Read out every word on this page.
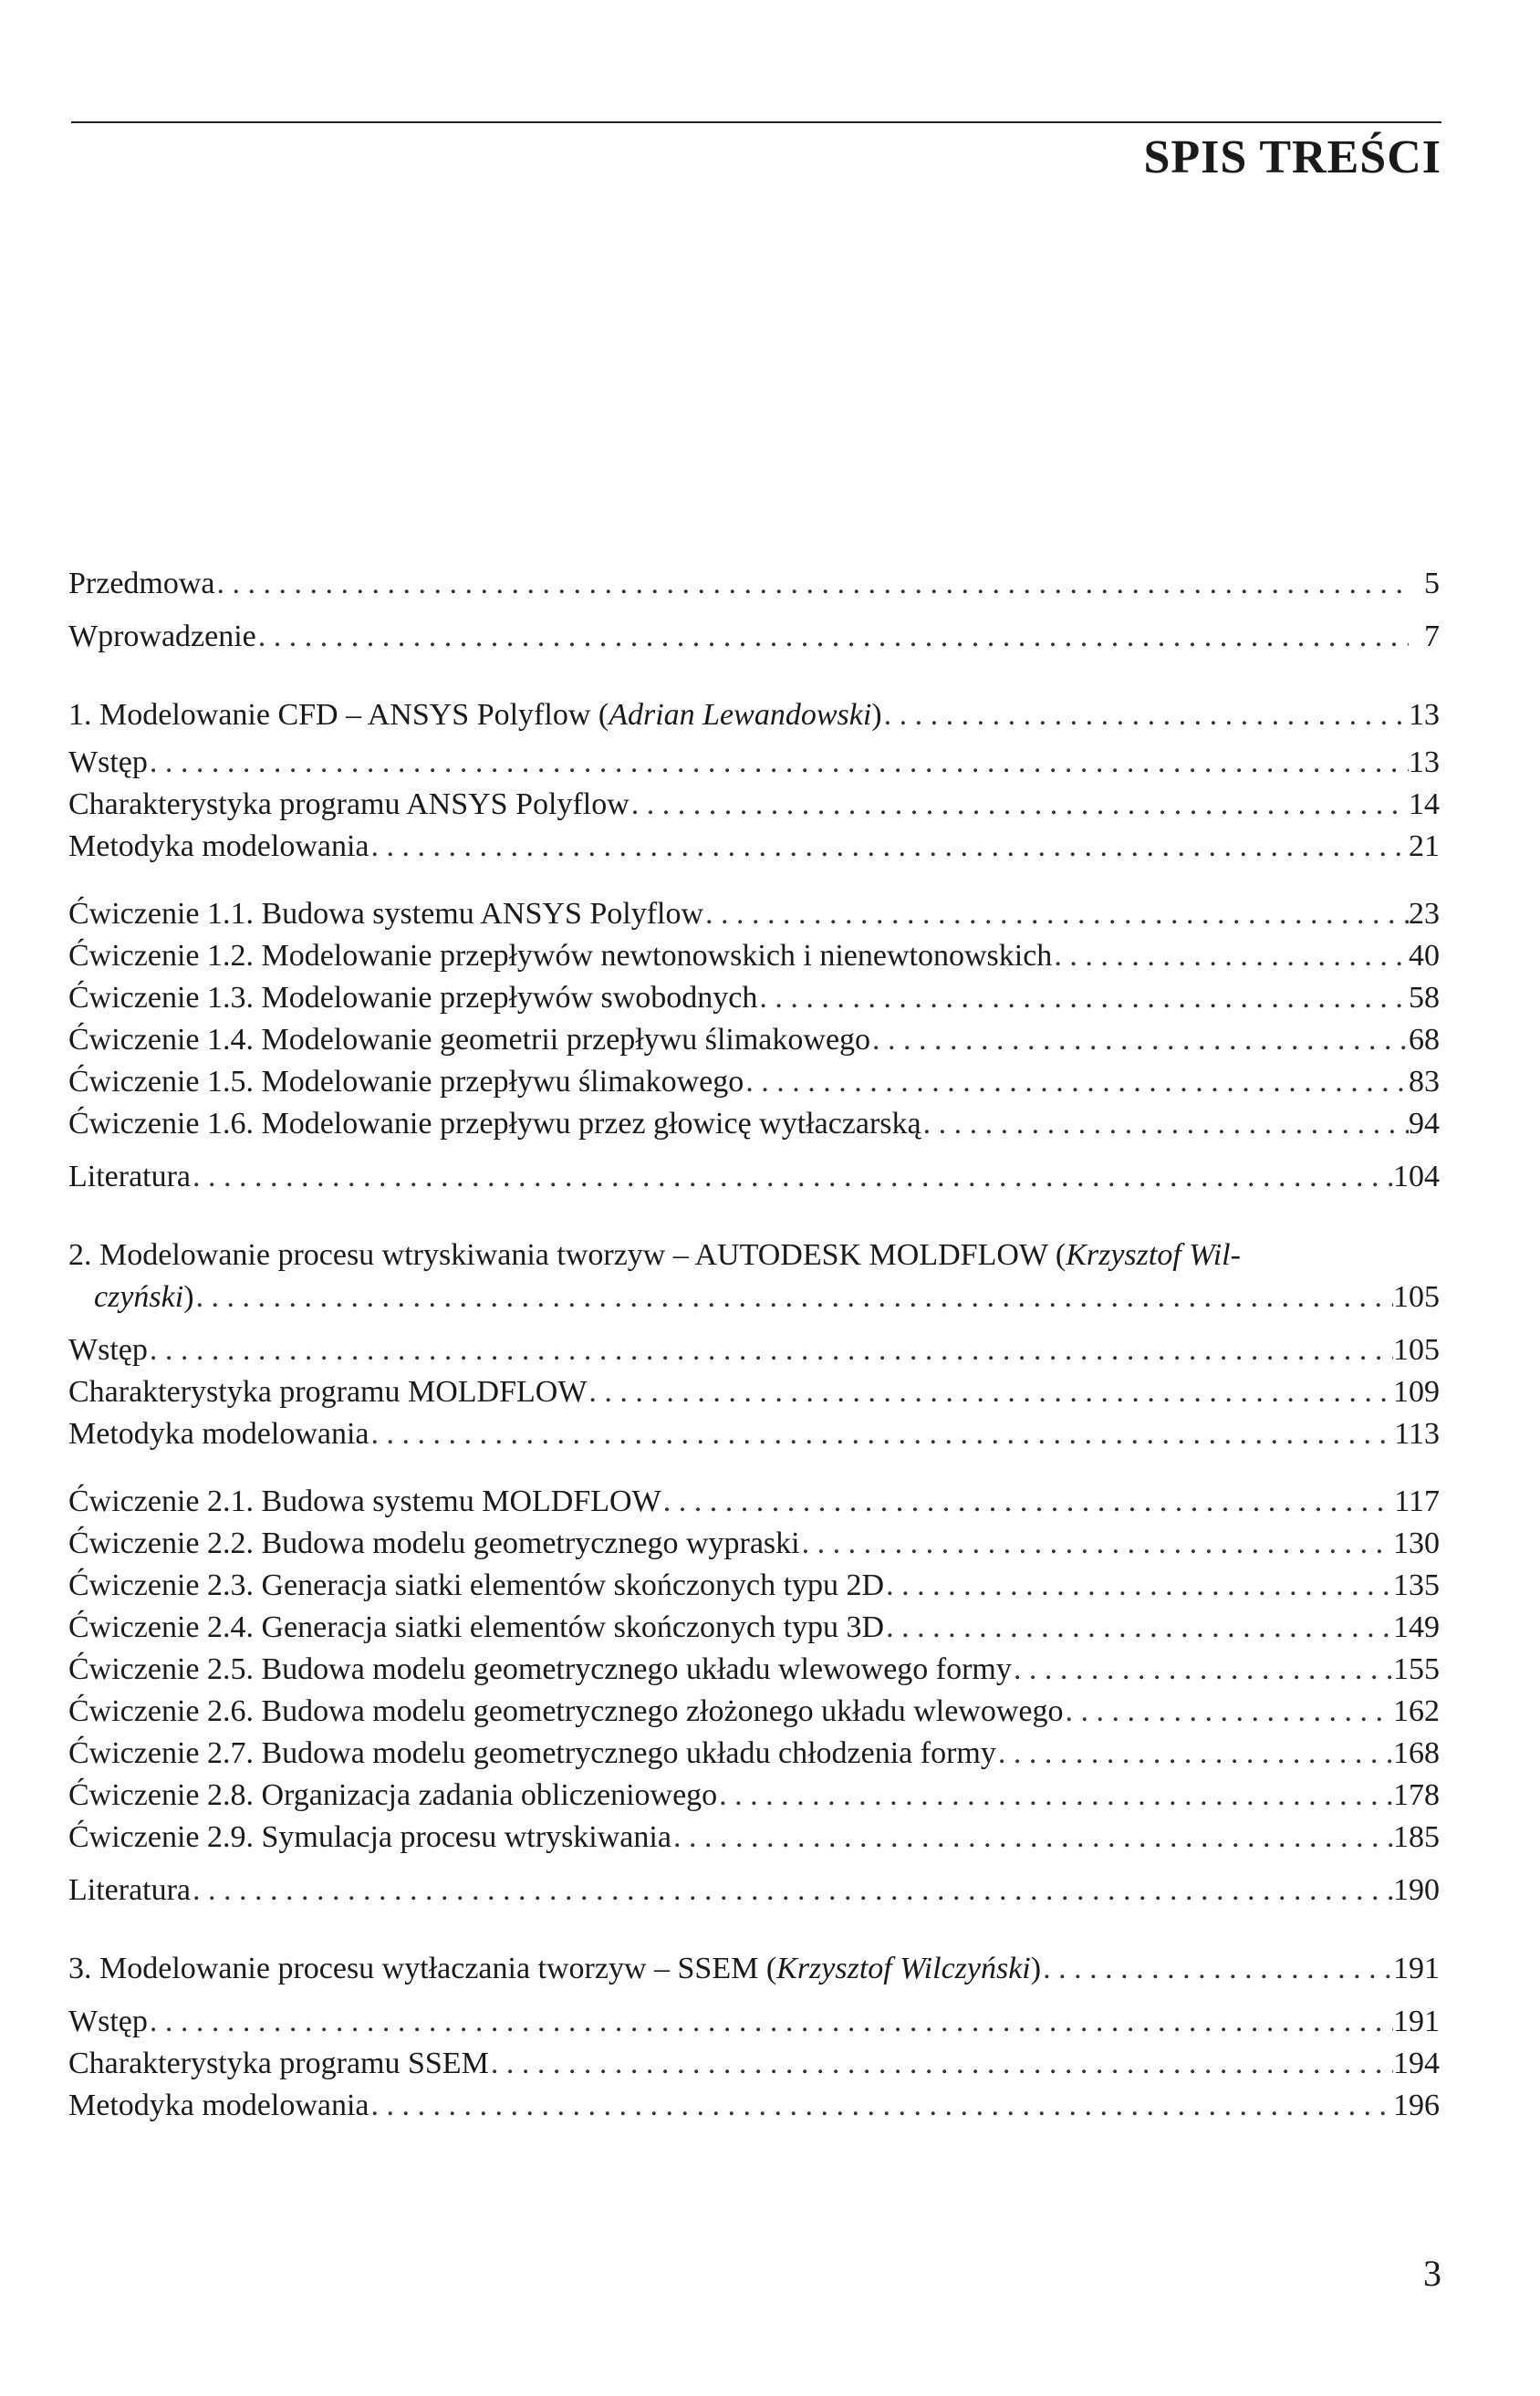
SPIS TREŚCI
Przedmowa . . .	5
Wprowadzenie . . .	7
1. Modelowanie CFD – ANSYS Polyflow (Adrian Lewandowski) . . .	13
Wstęp . . .	13
Charakterystyka programu ANSYS Polyflow . . .	14
Metodyka modelowania . . .	21
Ćwiczenie 1.1. Budowa systemu ANSYS Polyflow . . .	23
Ćwiczenie 1.2. Modelowanie przepływów newtonowskich i nienewtonowskich . . .	40
Ćwiczenie 1.3. Modelowanie przepływów swobodnych . . .	58
Ćwiczenie 1.4. Modelowanie geometrii przepływu ślimakowego . . .	68
Ćwiczenie 1.5. Modelowanie przepływu ślimakowego . . .	83
Ćwiczenie 1.6. Modelowanie przepływu przez głowicę wytłaczarską . . .	94
Literatura . . .	104
2. Modelowanie procesu wtryskiwania tworzyw – AUTODESK MOLDFLOW (Krzysztof Wil-
czyński) . . .	105
Wstęp . . .	105
Charakterystyka programu MOLDFLOW . . .	109
Metodyka modelowania . . .	113
Ćwiczenie 2.1. Budowa systemu MOLDFLOW . . .	117
Ćwiczenie 2.2. Budowa modelu geometrycznego wypraski . . .	130
Ćwiczenie 2.3. Generacja siatki elementów skończonych typu 2D . . .	135
Ćwiczenie 2.4. Generacja siatki elementów skończonych typu 3D . . .	149
Ćwiczenie 2.5. Budowa modelu geometrycznego układu wlewowego formy . . .	155
Ćwiczenie 2.6. Budowa modelu geometrycznego złożonego układu wlewowego . . .	162
Ćwiczenie 2.7. Budowa modelu geometrycznego układu chłodzenia formy . . .	168
Ćwiczenie 2.8. Organizacja zadania obliczeniowego . . .	178
Ćwiczenie 2.9. Symulacja procesu wtryskiwania . . .	185
Literatura . . .	190
3. Modelowanie procesu wytłaczania tworzyw – SSEM (Krzysztof Wilczyński) . . .	191
Wstęp . . .	191
Charakterystyka programu SSEM . . .	194
Metodyka modelowania . . .	196
3
